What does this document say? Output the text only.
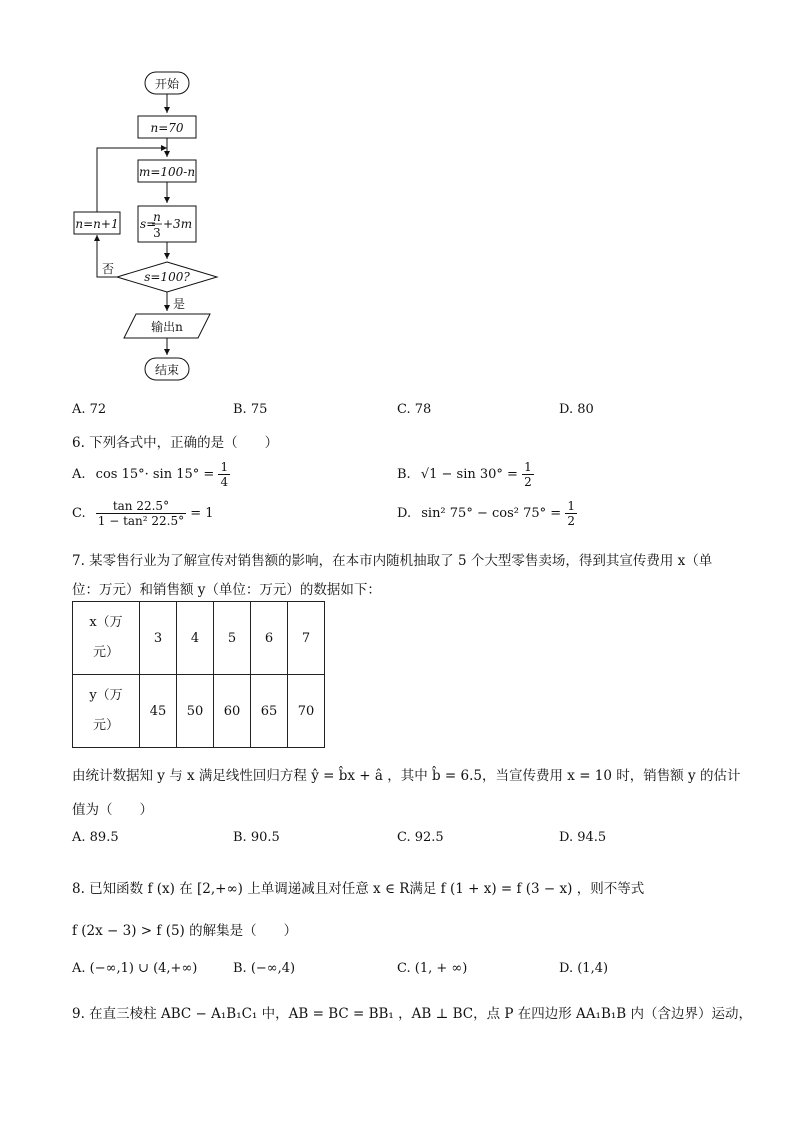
开始
n=70
m=100-n
s=
n
3
+3m
s=100?
否
n=n+1
是
输出n
结束
A. 72	B. 75	C. 78	D. 80
6. 下列各式中，正确的是（　　）
A. $\cos 15^\circ\cdot \sin 15^\circ = \frac{1}{4}$	B. $√1 - \sin 30^\circ = \frac{1}{2}$
C. $\frac{\tan 22.5^\circ}{\text{1 − tan² 22.5°}} = 1$	D. sin² 75° − cos² $75^\circ = \frac{1}{2}$
7. 某零售行业为了解宣传对销售额的影响，在本市内随机抽取了 5 个大型零售卖场，得到其宣传费用 x（单
位：万元）和销售额 y（单位：万元）的数据如下：
x（万
元）	3	4	5	6	7

y（万
元）	45	50	60	65	70
由统计数据知 y 与 x 满足线性回归方程 ŷ = b̂x + â ，其中 b̂ = 6.5，当宣传费用 x = 10 时，销售额 y 的估计
值为（　　）
A. 89.5	B. 90.5	C. 92.5	D. 94.5
8. 已知函数 f (x) 在 [2,+∞) 上单调递减且对任意 x ∈ R满足 f (1 + x) = f (3 − x) ，则不等式
f (2x − 3) > f (5) 的解集是（　　）
A. (−∞,1) ∪ (4,+∞)	B. (−∞,4)	C. (1, + ∞)	D. (1,4)
9. 在直三棱柱 ABC − A₁B₁C₁ 中，AB = BC = BB₁ ，AB ⊥ BC，点 P 在四边形 AA₁B₁B 内（含边界）运动，
